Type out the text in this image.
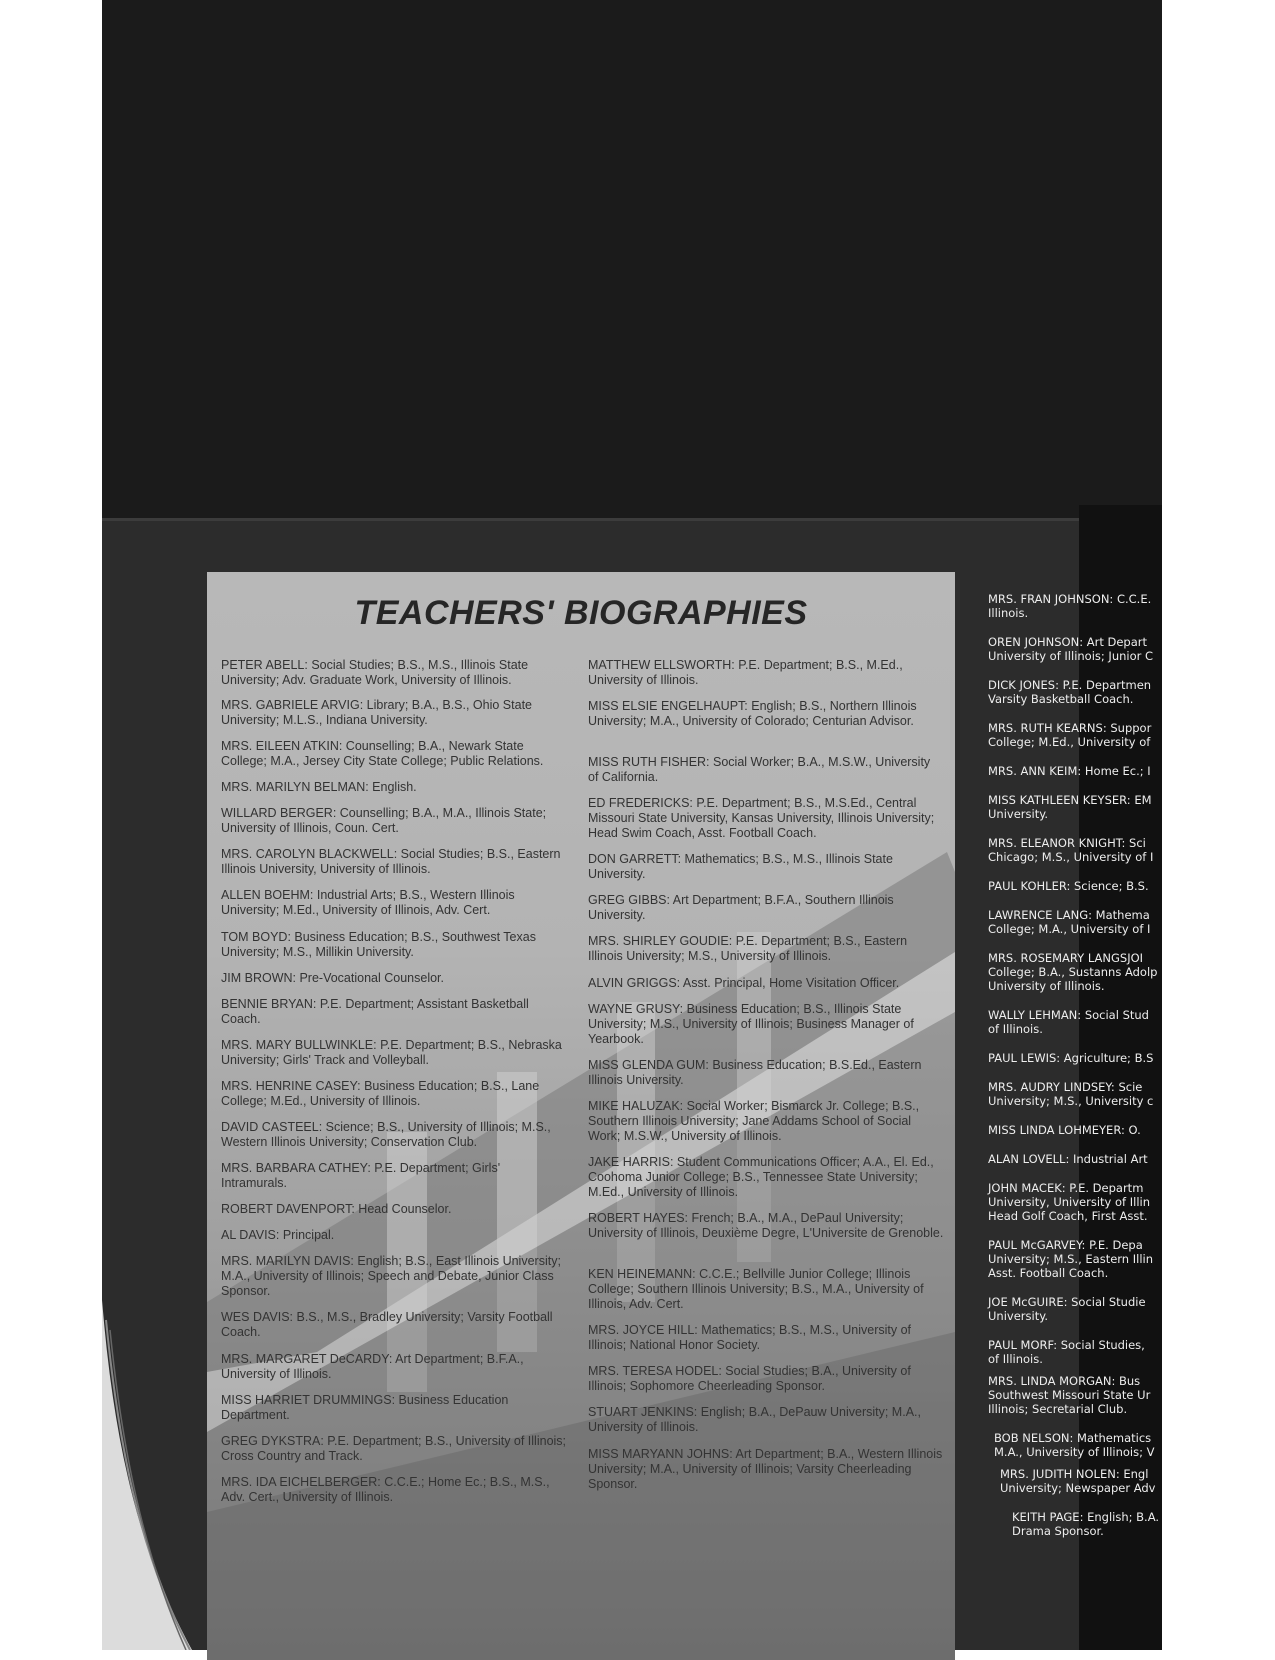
TEACHERS' BIOGRAPHIES

PETER ABELL: Social Studies; B.S., M.S., Illinois State University; Adv. Graduate Work, University of Illinois.

MRS. GABRIELE ARVIG: Library; B.A., B.S., Ohio State University; M.L.S., Indiana University.

MRS. EILEEN ATKIN: Counselling; B.A., Newark State College; M.A., Jersey City State College; Public Relations.

MRS. MARILYN BELMAN: English.

WILLARD BERGER: Counselling; B.A., M.A., Illinois State; University of Illinois, Coun. Cert.

MRS. CAROLYN BLACKWELL: Social Studies; B.S., Eastern Illinois University, University of Illinois.

ALLEN BOEHM: Industrial Arts; B.S., Western Illinois University; M.Ed., University of Illinois, Adv. Cert.

TOM BOYD: Business Education; B.S., Southwest Texas University; M.S., Millikin University.

JIM BROWN: Pre-Vocational Counselor.

BENNIE BRYAN: P.E. Department; Assistant Basketball Coach.

MRS. MARY BULLWINKLE: P.E. Department; B.S., Nebraska University; Girls' Track and Volleyball.

MRS. HENRINE CASEY: Business Education; B.S., Lane College; M.Ed., University of Illinois.

DAVID CASTEEL: Science; B.S., University of Illinois; M.S., Western Illinois University; Conservation Club.

MRS. BARBARA CATHEY: P.E. Department; Girls' Intramurals.

ROBERT DAVENPORT: Head Counselor.

AL DAVIS: Principal.

MRS. MARILYN DAVIS: English; B.S., East Illinois University; M.A., University of Illinois; Speech and Debate, Junior Class Sponsor.

WES DAVIS: B.S., M.S., Bradley University; Varsity Football Coach.

MRS. MARGARET DeCARDY: Art Department; B.F.A., University of Illinois.

MISS HARRIET DRUMMINGS: Business Education Department.

GREG DYKSTRA: P.E. Department; B.S., University of Illinois; Cross Country and Track.

MRS. IDA EICHELBERGER: C.C.E.; Home Ec.; B.S., M.S., Adv. Cert., University of Illinois.

MATTHEW ELLSWORTH: P.E. Department; B.S., M.Ed., University of Illinois.

MISS ELSIE ENGELHAUPT: English; B.S., Northern Illinois University; M.A., University of Colorado; Centurian Advisor.

MISS RUTH FISHER: Social Worker; B.A., M.S.W., University of California.

ED FREDERICKS: P.E. Department; B.S., M.S.Ed., Central Missouri State University, Kansas University, Illinois University; Head Swim Coach, Asst. Football Coach.

DON GARRETT: Mathematics; B.S., M.S., Illinois State University.

GREG GIBBS: Art Department; B.F.A., Southern Illinois University.

MRS. SHIRLEY GOUDIE: P.E. Department; B.S., Eastern Illinois University; M.S., University of Illinois.

ALVIN GRIGGS: Asst. Principal, Home Visitation Officer.

WAYNE GRUSY: Business Education; B.S., Illinois State University; M.S., University of Illinois; Business Manager of Yearbook.

MISS GLENDA GUM: Business Education; B.S.Ed., Eastern Illinois University.

MIKE HALUZAK: Social Worker; Bismarck Jr. College; B.S., Southern Illinois University; Jane Addams School of Social Work; M.S.W., University of Illinois.

JAKE HARRIS: Student Communications Officer; A.A., El. Ed., Coohoma Junior College; B.S., Tennessee State University; M.Ed., University of Illinois.

ROBERT HAYES: French; B.A., M.A., DePaul University; University of Illinois, Deuxième Degre, L'Universite de Grenoble.

KEN HEINEMANN: C.C.E.; Bellville Junior College; Illinois College; Southern Illinois University; B.S., M.A., University of Illinois, Adv. Cert.

MRS. JOYCE HILL: Mathematics; B.S., M.S., University of Illinois; National Honor Society.

MRS. TERESA HODEL: Social Studies; B.A., University of Illinois; Sophomore Cheerleading Sponsor.

STUART JENKINS: English; B.A., DePauw University; M.A., University of Illinois.

MISS MARYANN JOHNS: Art Department; B.A., Western Illinois University; M.A., University of Illinois; Varsity Cheerleading Sponsor.

MRS. FRAN JOHNSON: C.C.E.

Illinois.

OREN JOHNSON: Art Depart

University of Illinois; Junior C

DICK JONES: P.E. Departmen

Varsity Basketball Coach.

MRS. RUTH KEARNS: Suppor

College; M.Ed., University of

MRS. ANN KEIM: Home Ec.; I

MISS KATHLEEN KEYSER: EM

University.

MRS. ELEANOR KNIGHT: Sci

Chicago; M.S., University of I

PAUL KOHLER: Science; B.S.

LAWRENCE LANG: Mathema

College; M.A., University of I

MRS. ROSEMARY LANGSJOI

College; B.A., Sustanns Adolp

University of Illinois.

WALLY LEHMAN: Social Stud

of Illinois.

PAUL LEWIS: Agriculture; B.S

MRS. AUDRY LINDSEY: Scie

University; M.S., University c

MISS LINDA LOHMEYER: O.

ALAN LOVELL: Industrial Art

JOHN MACEK: P.E. Departm

University, University of Illin

Head Golf Coach, First Asst.

PAUL McGARVEY: P.E. Depa

University; M.S., Eastern Illin

Asst. Football Coach.

JOE McGUIRE: Social Studie

University.

PAUL MORF: Social Studies,

of Illinois.

MRS. LINDA MORGAN: Bus

Southwest Missouri State Ur

Illinois; Secretarial Club.

BOB NELSON: Mathematics

M.A., University of Illinois; V

MRS. JUDITH NOLEN: Engl

University; Newspaper Adv

KEITH PAGE: English; B.A.

Drama Sponsor.
